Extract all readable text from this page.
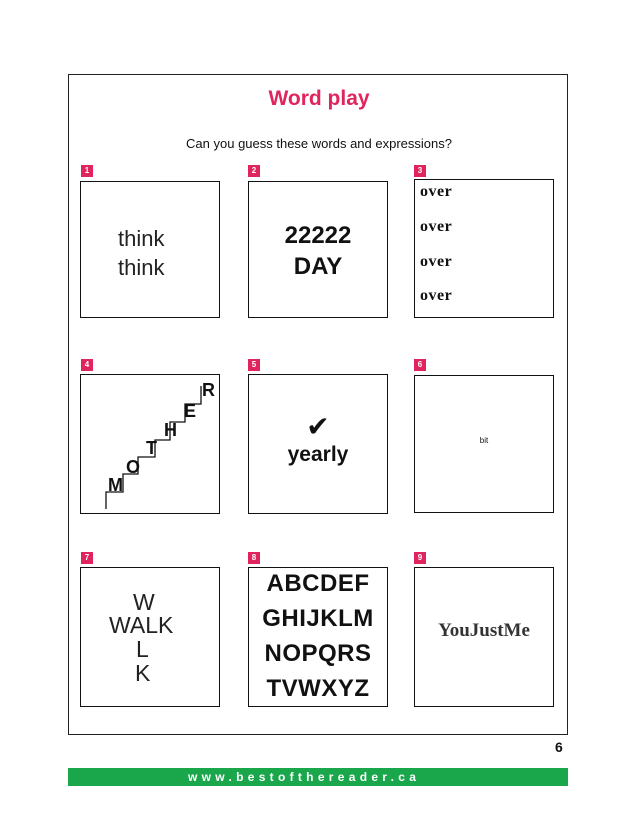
Word play
Can you guess these words and expressions?
1
think
think
2
22222
DAY
3
over
over
over
over
4
M
O
T
H
E
R
5
✔
yearly
6
bit
7
W
WALK
L
K
8
ABCDEF
GHIJKLM
NOPQRS
TVWXYZ
9
YouJustMe
6
www.bestofthereader.ca
